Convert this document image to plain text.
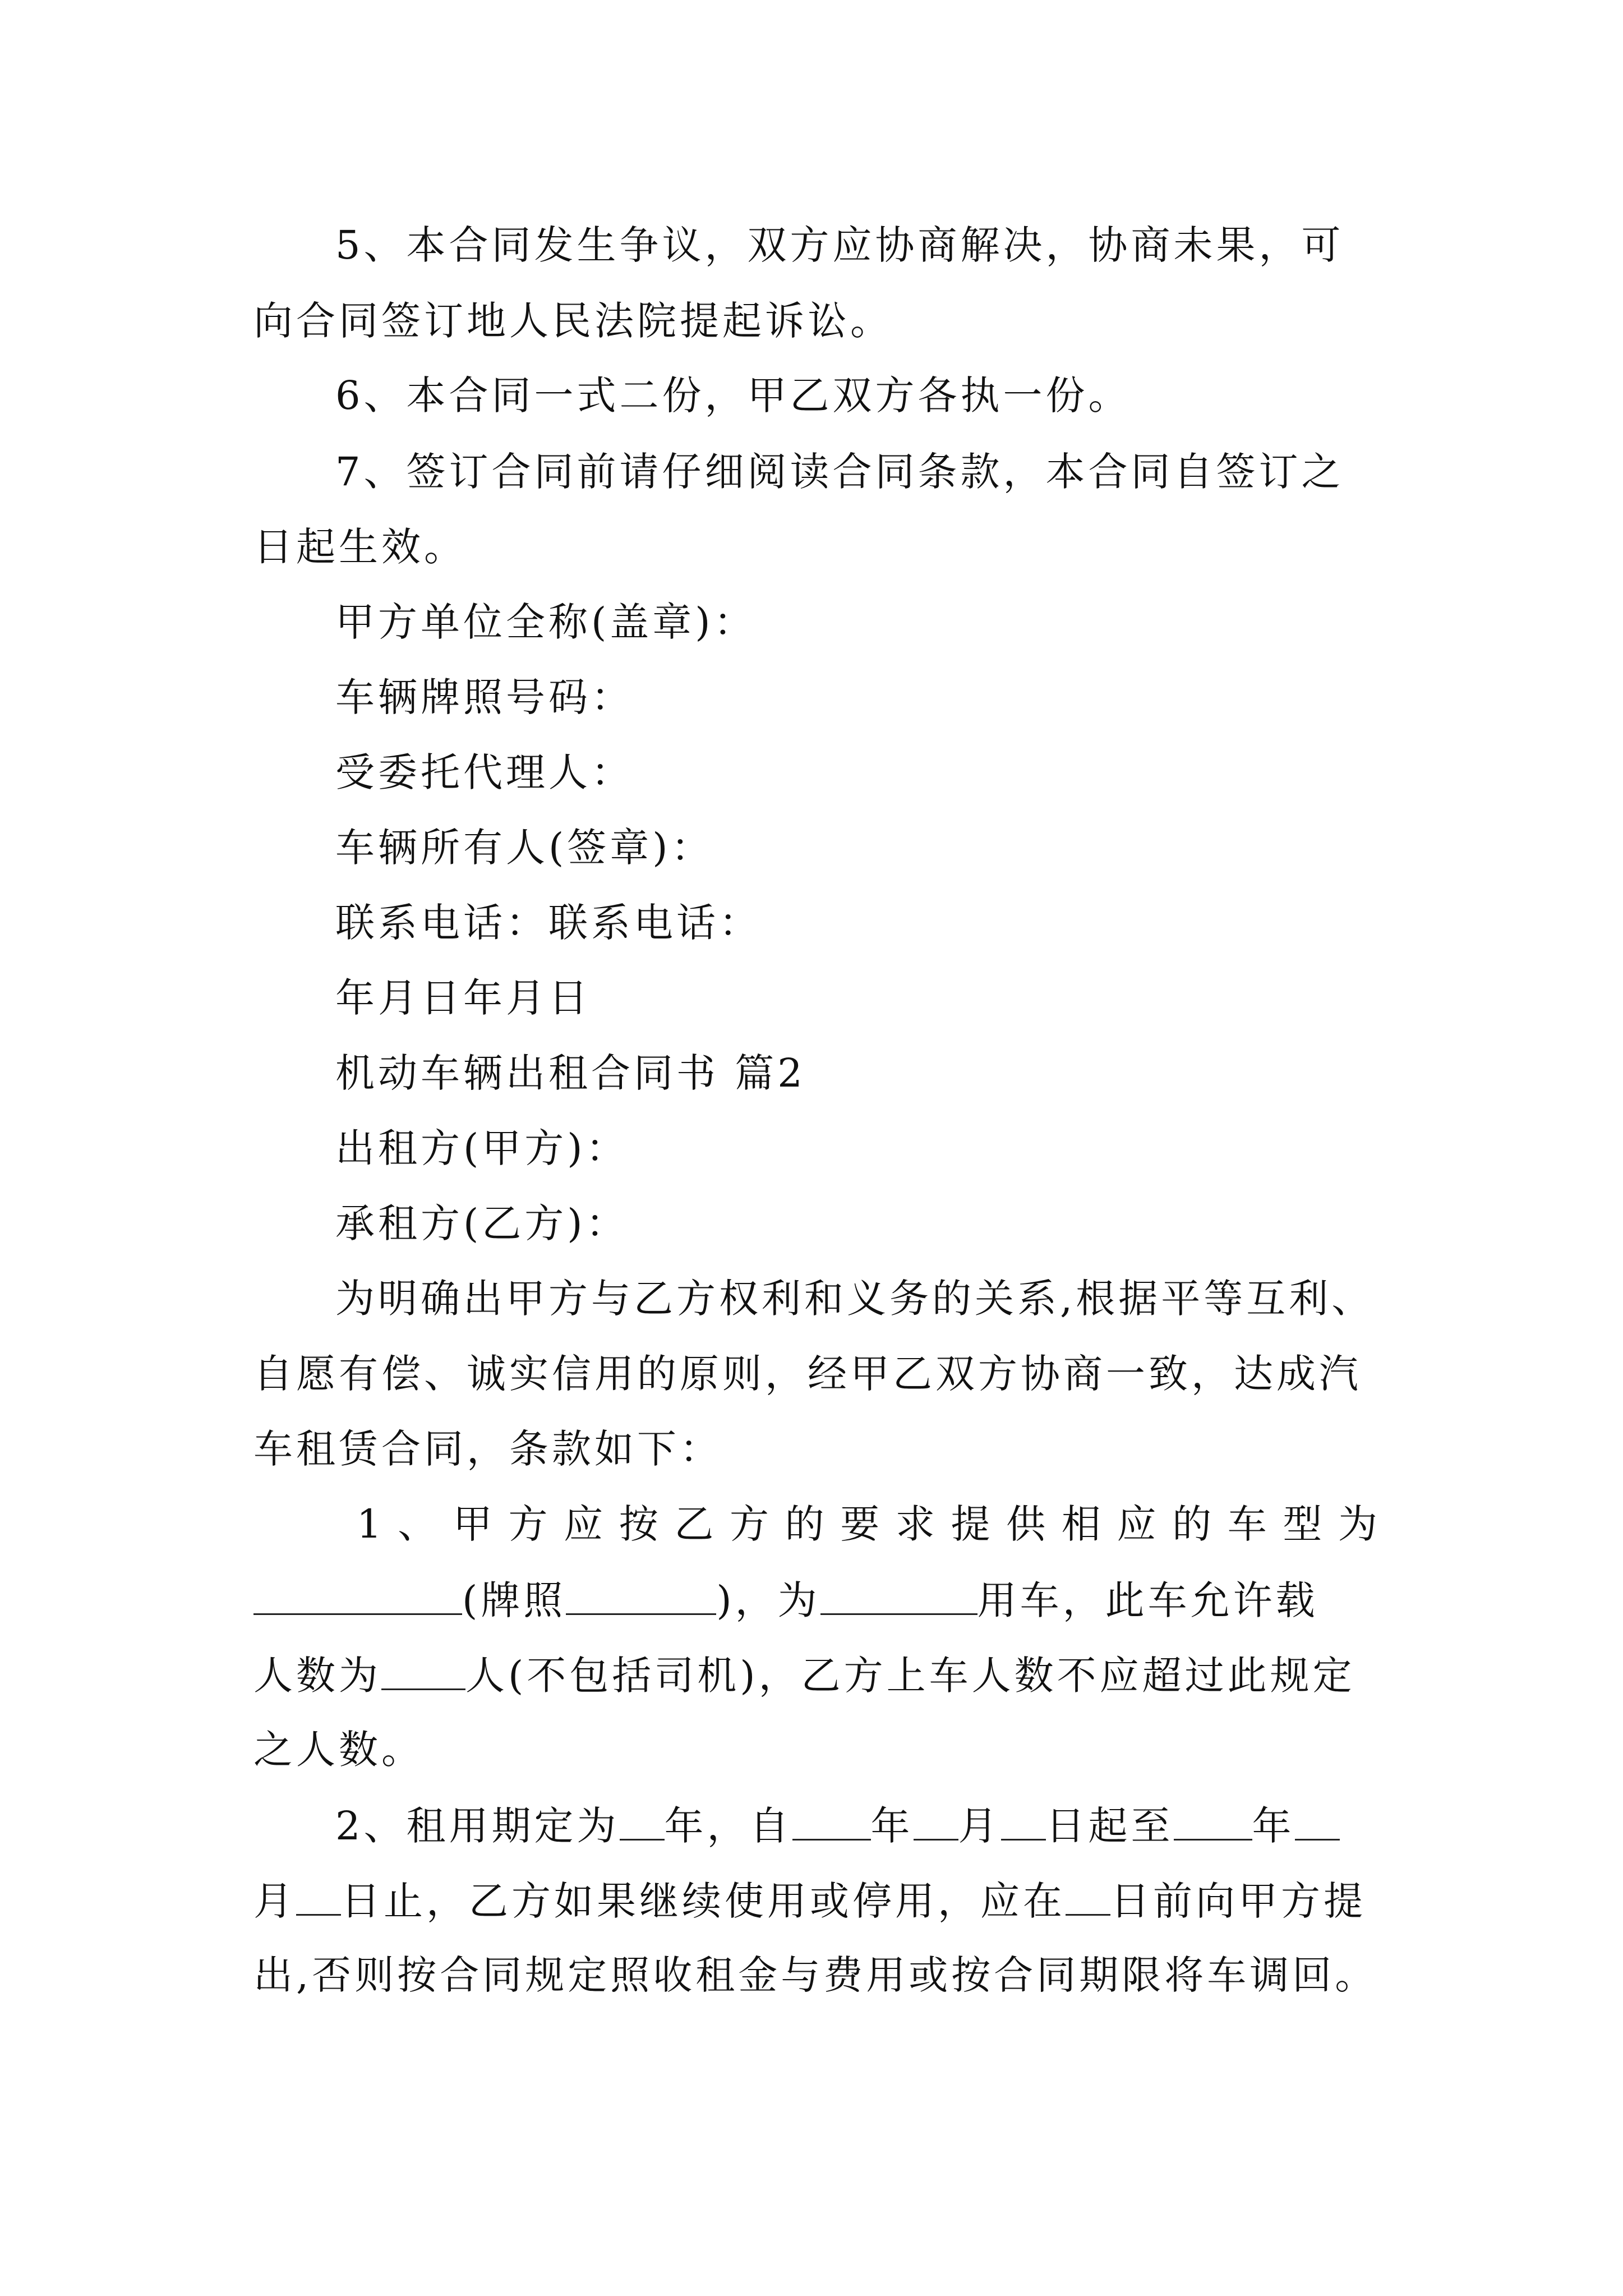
5、本合同发生争议，双方应协商解决，协商未果，可
向合同签订地人民法院提起诉讼。
6、本合同一式二份，甲乙双方各执一份。
7、签订合同前请仔细阅读合同条款，本合同自签订之
日起生效。
甲方单位全称(盖章)：
车辆牌照号码：
受委托代理人：
车辆所有人(签章)：
联系电话：联系电话：
年月日年月日
机动车辆出租合同书 篇2
出租方(甲方)：
承租方(乙方)：
为明确出甲方与乙方权利和义务的关系,根据平等互利、
自愿有偿、诚实信用的原则，经甲乙双方协商一致，达成汽
车租赁合同，条款如下：
1、甲方应按乙方的要求提供相应的车型为
(牌照	)，为	用车，此车允许载
人数为 人(不包括司机)，乙方上车人数不应超过此规定
之人数。
2、租用期定为 年，自 年 月 日起至 年
月 日止，乙方如果继续使用或停用，应在 日前向甲方提
出,否则按合同规定照收租金与费用或按合同期限将车调回。
